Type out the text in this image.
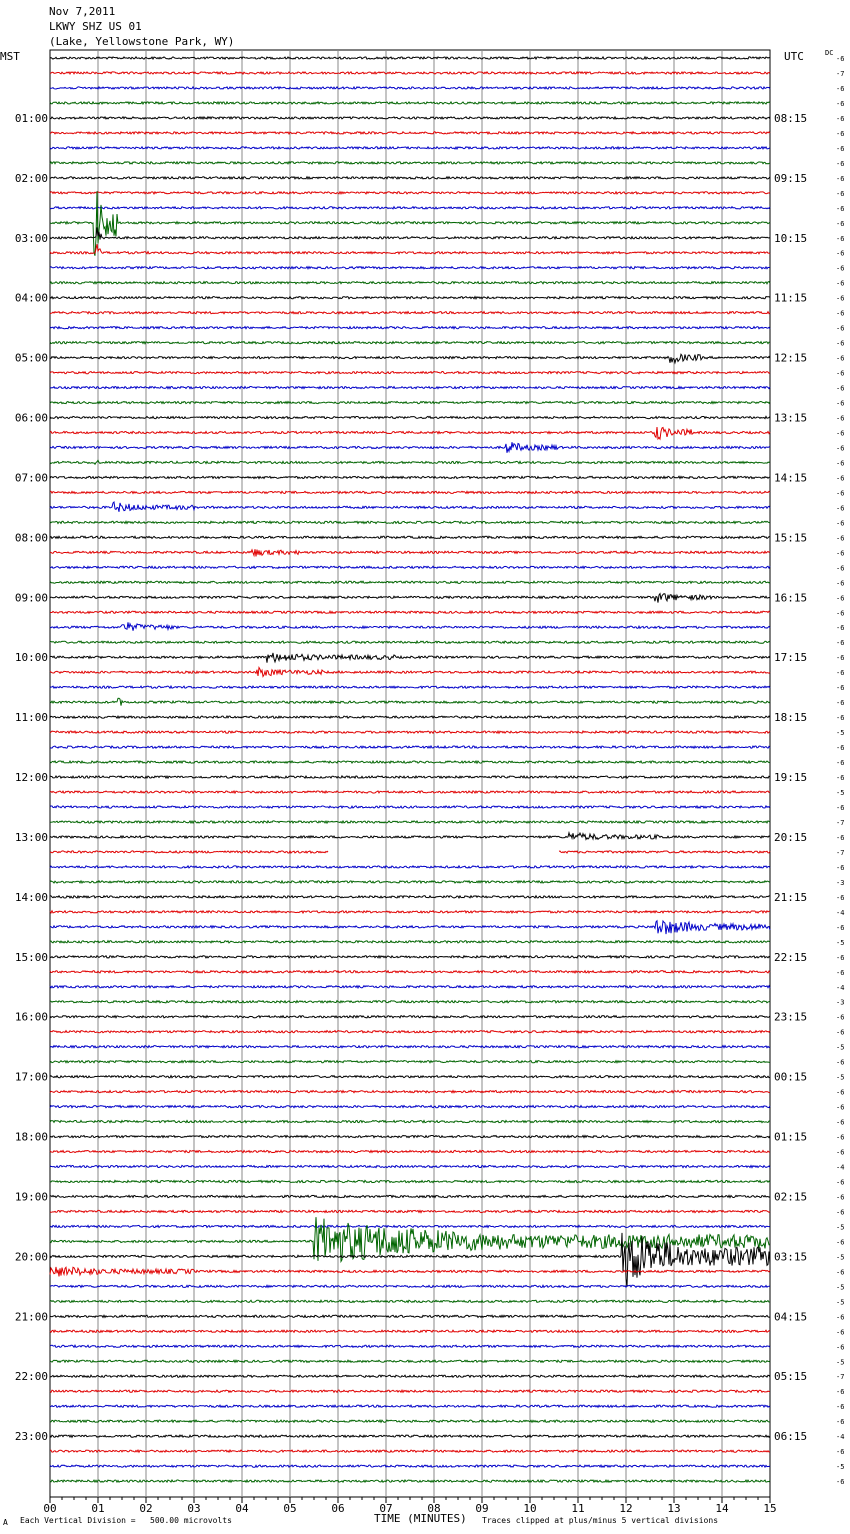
Nov 7,2011
LKWY SHZ US 01
(Lake, Yellowstone Park, WY)
MST	UTC	DC
00	01	02	03	04	05	06	07	08	09	10	11	12	13	14	15
-6
-7
-6
-6
-6
-6
-6
-6
-6
-6
-6
-6
-6
-6
-6
-6
-6
-6
-6
-6
-6
-6
-6
-6
-6
-6
-6
-6
-6
-6
-6
-6
-6
-6
-6
-6
-6
-6
-6
-6
-6
-6
-6
-6
-6
-5
-6
-6
-6
-5
-6
-7
-6
-7
-6
-3
-6
-4
-6
-5
-6
-6
-4
-3
-6
-6
-5
-6
-5
-6
-6
-6
-6
-6
-4
-6
-6
-6
-5
-6
-5
-6
-5
-5
-6
-6
-6
-5
-7
-6
-6
-6
-4
-6
-5
-6
01:00
02:00
03:00
04:00
05:00
06:00
07:00
08:00
09:00
10:00
11:00
12:00
13:00
14:00
15:00
16:00
17:00
18:00
19:00
20:00
21:00
22:00
23:00
08:15
09:15
10:15
11:15
12:15
13:15
14:15
15:15
16:15
17:15
18:15
19:15
20:15
21:15
22:15
23:15
00:15
01:15
02:15
03:15
04:15
05:15
06:15
TIME (MINUTES)
A Each Vertical Division =   500.00 microvolts	Traces clipped at plus/minus 5 vertical divisions
